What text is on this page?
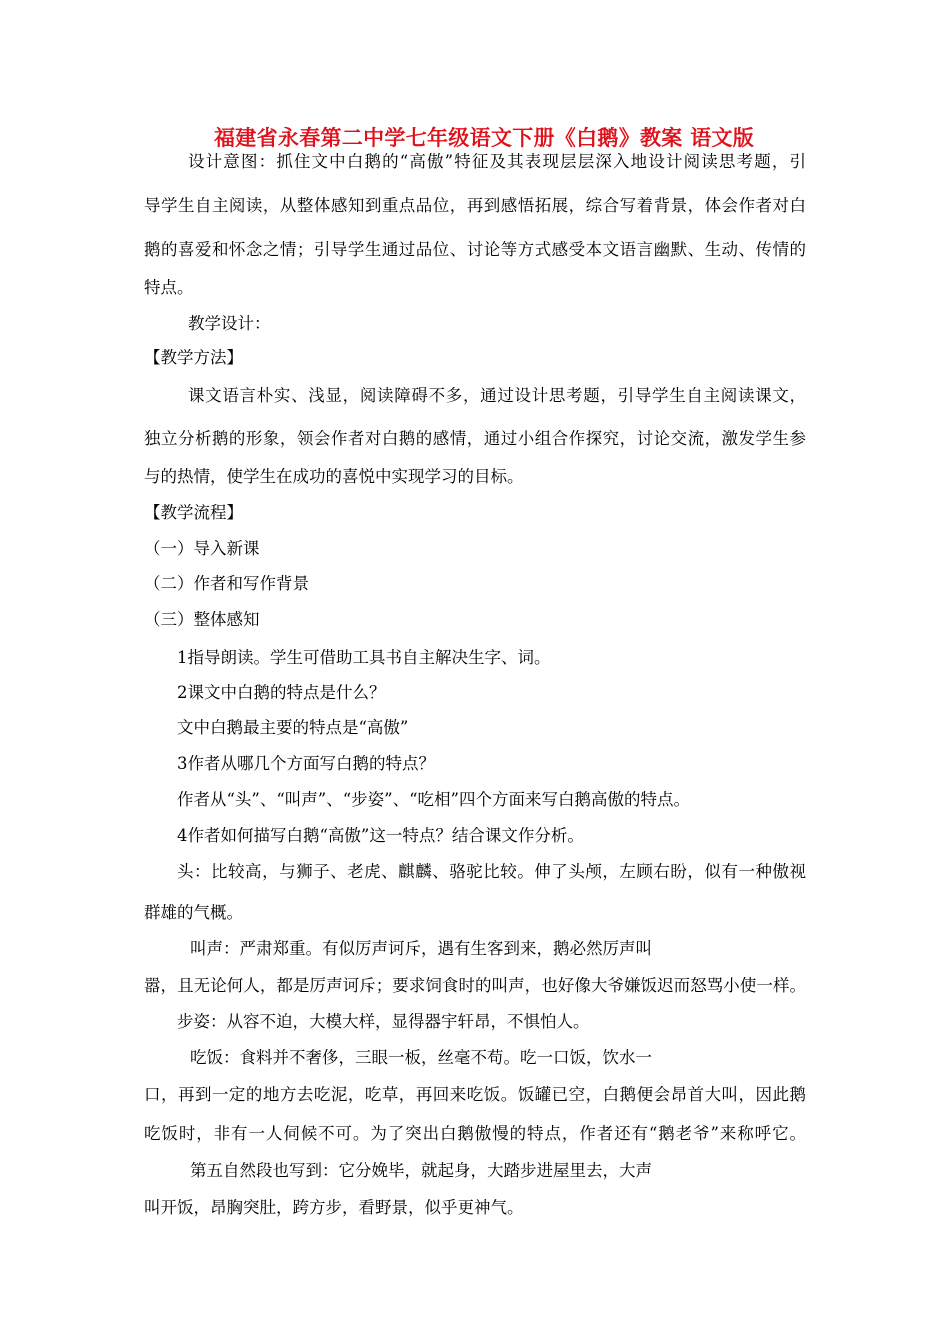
福建省永春第二中学七年级语文下册《白鹅》教案 语文版
设计意图：抓住文中白鹅的“高傲”特征及其表现层层深入地设计阅读思考题，引
导学生自主阅读，从整体感知到重点品位，再到感悟拓展，综合写着背景，体会作者对白
鹅的喜爱和怀念之情；引导学生通过品位、讨论等方式感受本文语言幽默、生动、传情的
特点。
教学设计：
【教学方法】
课文语言朴实、浅显，阅读障碍不多，通过设计思考题，引导学生自主阅读课文，
独立分析鹅的形象，领会作者对白鹅的感情，通过小组合作探究，讨论交流，激发学生参
与的热情，使学生在成功的喜悦中实现学习的目标。
【教学流程】
（一）导入新课
（二）作者和写作背景
（三）整体感知
1指导朗读。学生可借助工具书自主解决生字、词。
2课文中白鹅的特点是什么？
文中白鹅最主要的特点是“高傲”
3作者从哪几个方面写白鹅的特点？
作者从“头”、“叫声”、“步姿”、“吃相”四个方面来写白鹅高傲的特点。
4作者如何描写白鹅“高傲”这一特点？结合课文作分析。
头：比较高，与狮子、老虎、麒麟、骆驼比较。伸了头颅，左顾右盼，似有一种傲视
群雄的气概。
叫声：严肃郑重。有似厉声诃斥，遇有生客到来，鹅必然厉声叫
嚣，且无论何人，都是厉声诃斥；要求饲食时的叫声，也好像大爷嫌饭迟而怒骂小使一样。
步姿：从容不迫，大模大样，显得器宇轩昂，不惧怕人。
吃饭：食料并不奢侈，三眼一板，丝毫不苟。吃一口饭，饮水一
口，再到一定的地方去吃泥，吃草，再回来吃饭。饭罐已空，白鹅便会昂首大叫，因此鹅
吃饭时，非有一人伺候不可。为了突出白鹅傲慢的特点，作者还有“鹅老爷”来称呼它。
第五自然段也写到：它分娩毕，就起身，大踏步进屋里去，大声
叫开饭，昂胸突肚，跨方步，看野景，似乎更神气。
